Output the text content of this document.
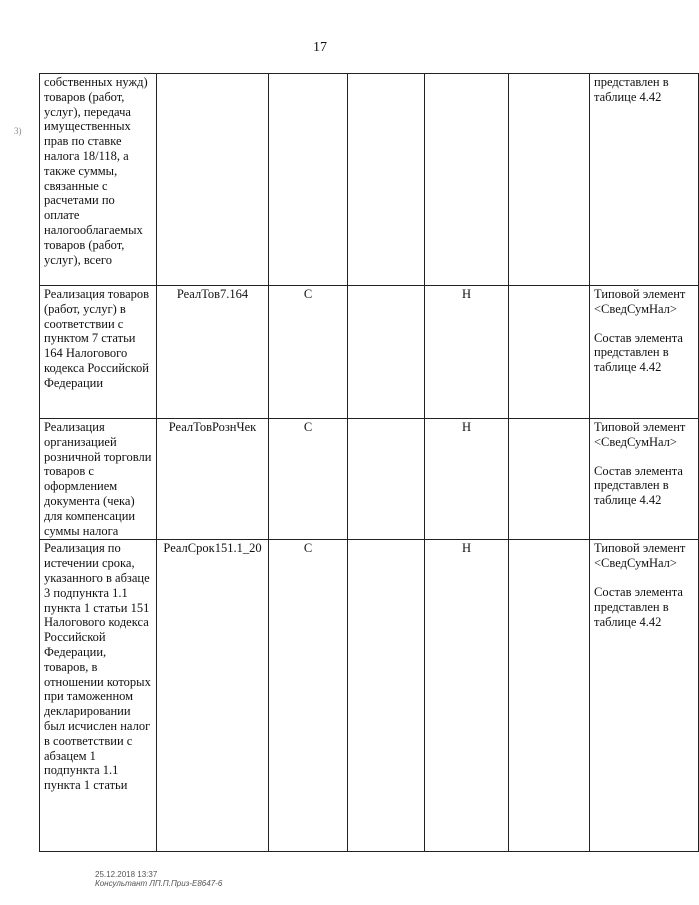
17
3)
собственных нужд) товаров (работ, услуг), передача имущественных прав по ставке налога 18/118, а также суммы, связанные с расчетами по оплате налогооблагаемых товаров (работ, услуг), всего						представлен в таблице 4.42

Реализация товаров (работ, услуг) в соответствии с пунктом 7 статьи 164 Налогового кодекса Российской Федерации	РеалТов7.164	С		Н		Типовой элемент <СведСумНал>
Состав элемента представлен в таблице 4.42

Реализация организацией розничной торговли товаров с оформлением документа (чека) для компенсации суммы налога	РеалТовРознЧек	С		Н		Типовой элемент <СведСумНал>
Состав элемента представлен в таблице 4.42

Реализация по истечении срока, указанного в абзаце 3 подпункта 1.1 пункта 1 статьи 151 Налогового кодекса Российской Федерации, товаров, в отношении которых при таможенном декларировании был исчислен налог в соответствии с абзацем 1 подпункта 1.1 пункта 1 статьи	РеалСрок151.1_20	С		Н		Типовой элемент <СведСумНал>
Состав элемента представлен в таблице 4.42
25.12.2018 13:37
Консультант ЛП.П.Приз-Е8647-6
